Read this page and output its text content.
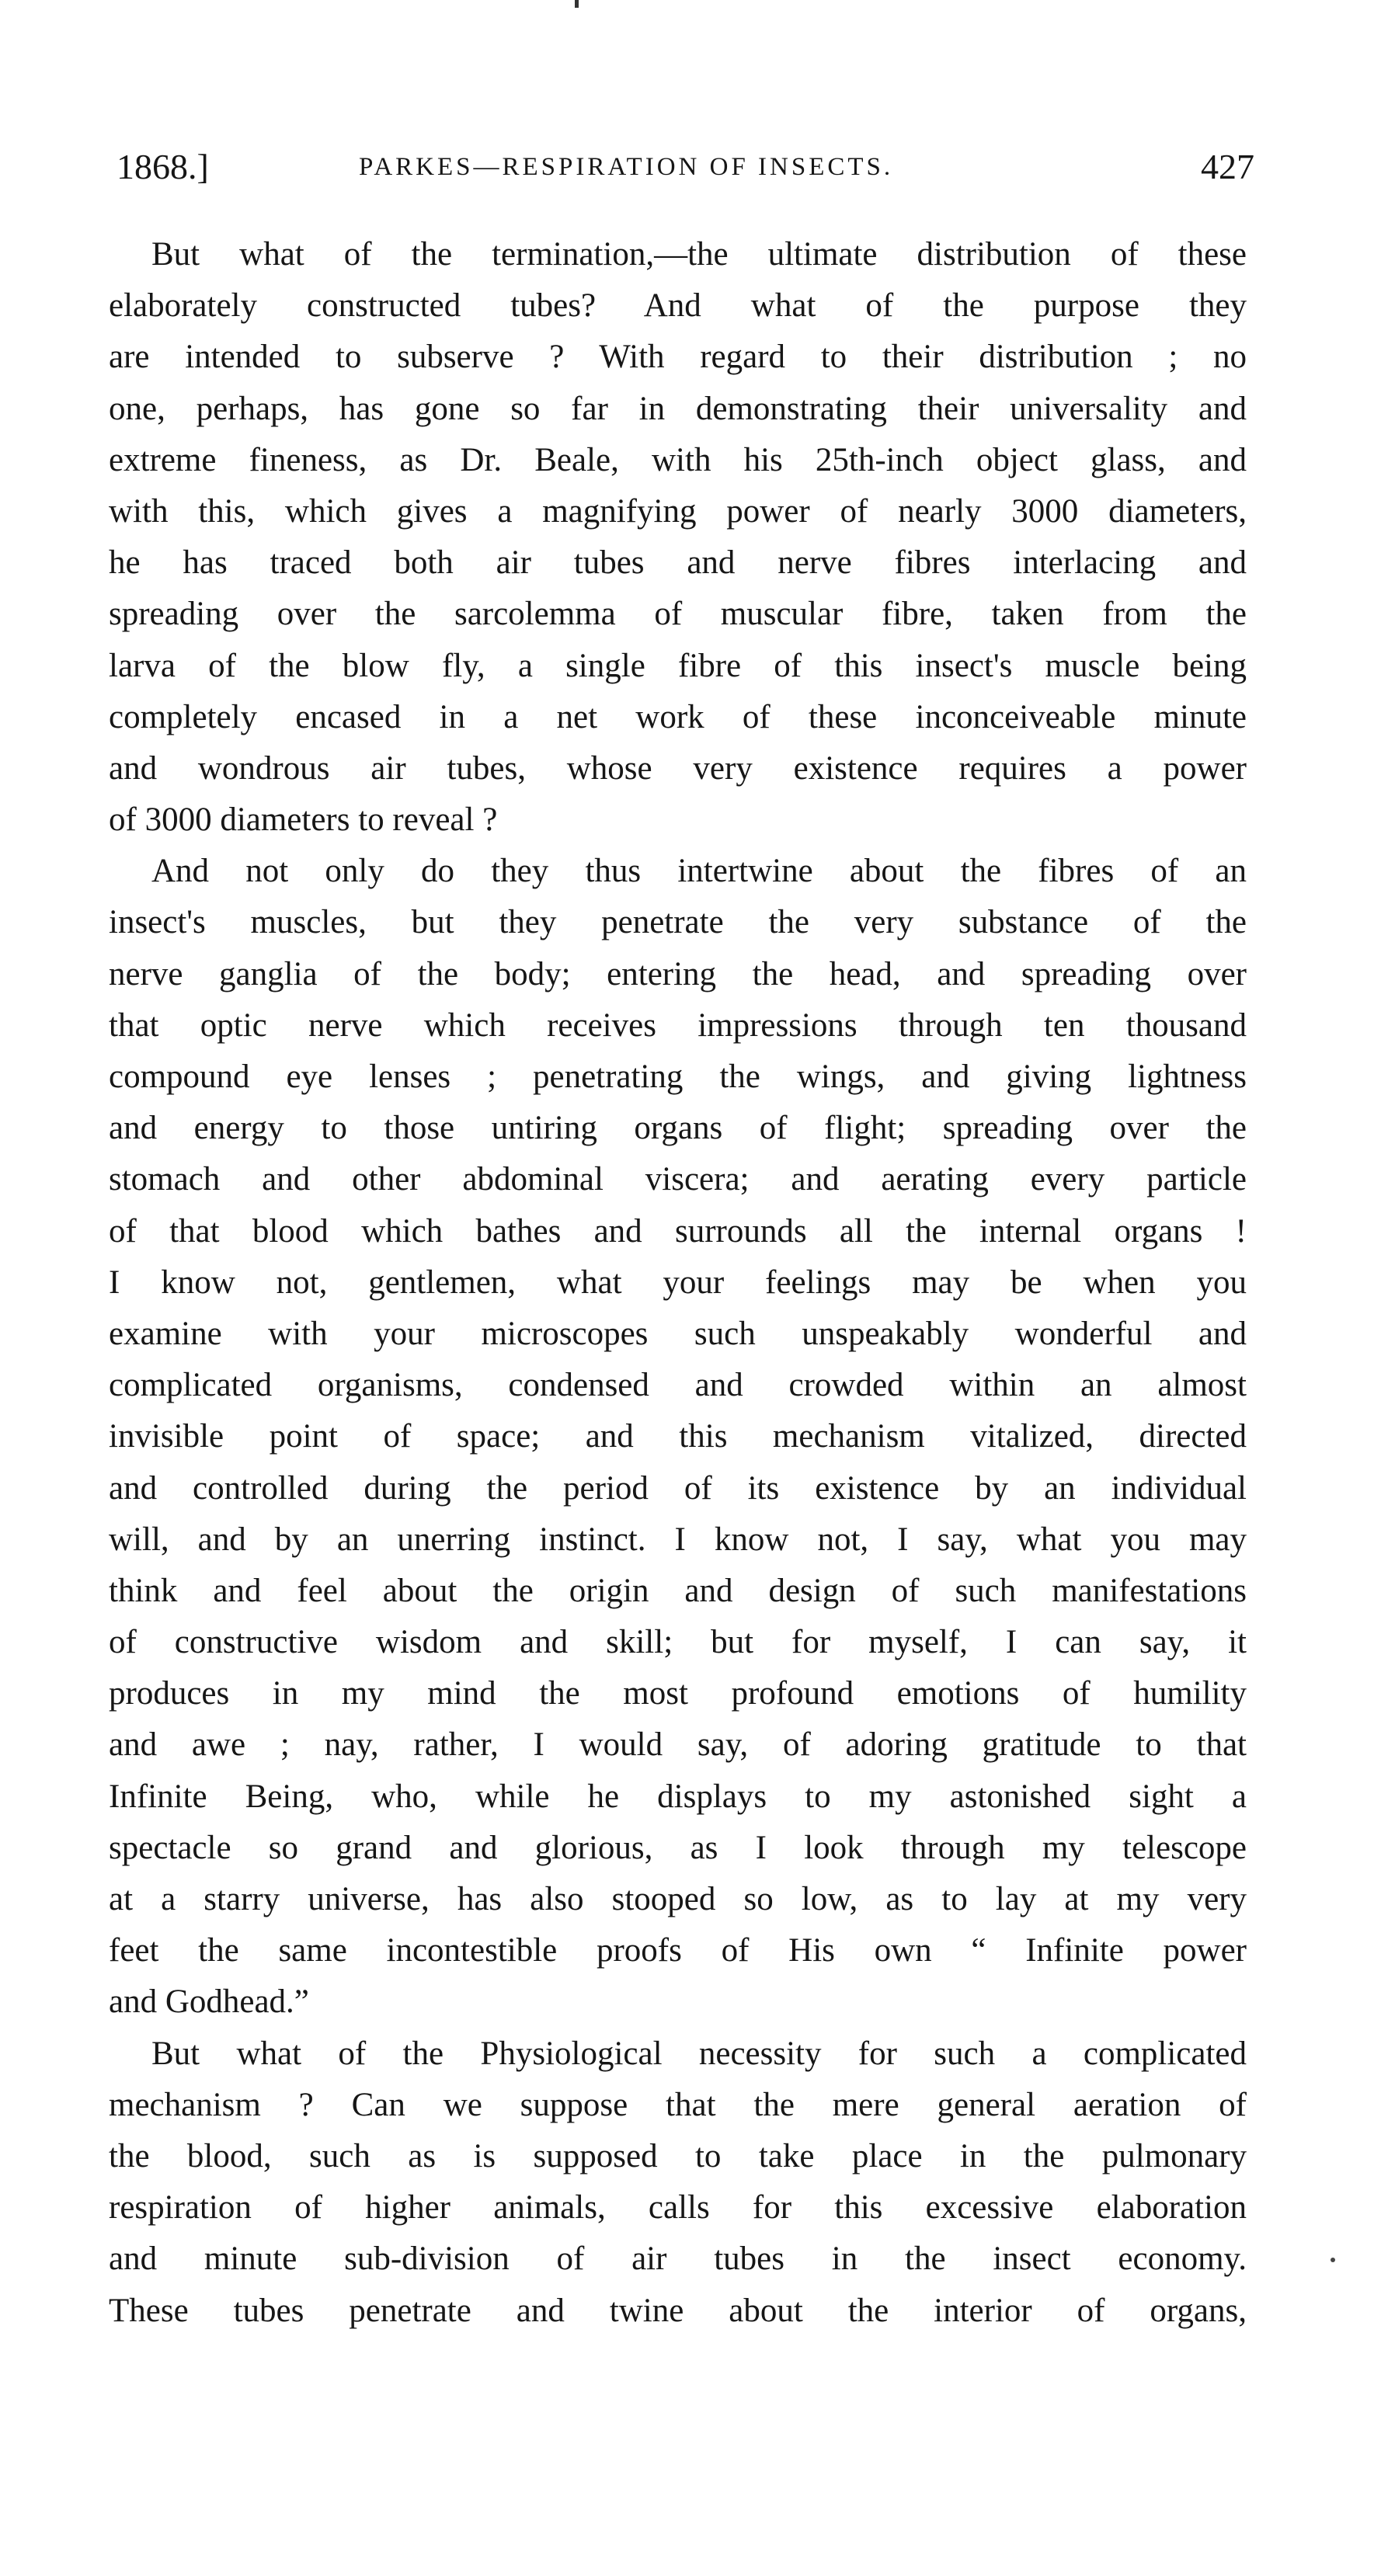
1868.]	PARKES—RESPIRATION OF INSECTS.	427
But what of the termination,—the ultimate distribution of these
elaborately constructed tubes? And what of the purpose they
are intended to subserve ? With regard to their distribution ; no
one, perhaps, has gone so far in demonstrating their universality and
extreme fineness, as Dr. Beale, with his 25th-inch object glass, and
with this, which gives a magnifying power of nearly 3000 diameters,
he has traced both air tubes and nerve fibres interlacing and
spreading over the sarcolemma of muscular fibre, taken from the
larva of the blow fly, a single fibre of this insect's muscle being
completely encased in a net work of these inconceiveable minute
and wondrous air tubes, whose very existence requires a power
of 3000 diameters to reveal ?
And not only do they thus intertwine about the fibres of an
insect's muscles, but they penetrate the very substance of the
nerve ganglia of the body; entering the head, and spreading over
that optic nerve which receives impressions through ten thousand
compound eye lenses ; penetrating the wings, and giving lightness
and energy to those untiring organs of flight; spreading over the
stomach and other abdominal viscera; and aerating every particle
of that blood which bathes and surrounds all the internal organs !
I know not, gentlemen, what your feelings may be when you
examine with your microscopes such unspeakably wonderful and
complicated organisms, condensed and crowded within an almost
invisible point of space; and this mechanism vitalized, directed
and controlled during the period of its existence by an individual
will, and by an unerring instinct. I know not, I say, what you may
think and feel about the origin and design of such manifestations
of constructive wisdom and skill; but for myself, I can say, it
produces in my mind the most profound emotions of humility
and awe ; nay, rather, I would say, of adoring gratitude to that
Infinite Being, who, while he displays to my astonished sight a
spectacle so grand and glorious, as I look through my telescope
at a starry universe, has also stooped so low, as to lay at my very
feet the same incontestible proofs of His own “ Infinite power
and Godhead.”
But what of the Physiological necessity for such a complicated
mechanism ? Can we suppose that the mere general aeration of
the blood, such as is supposed to take place in the pulmonary
respiration of higher animals, calls for this excessive elaboration
and minute sub-division of air tubes in the insect economy.
These tubes penetrate and twine about the interior of organs,
